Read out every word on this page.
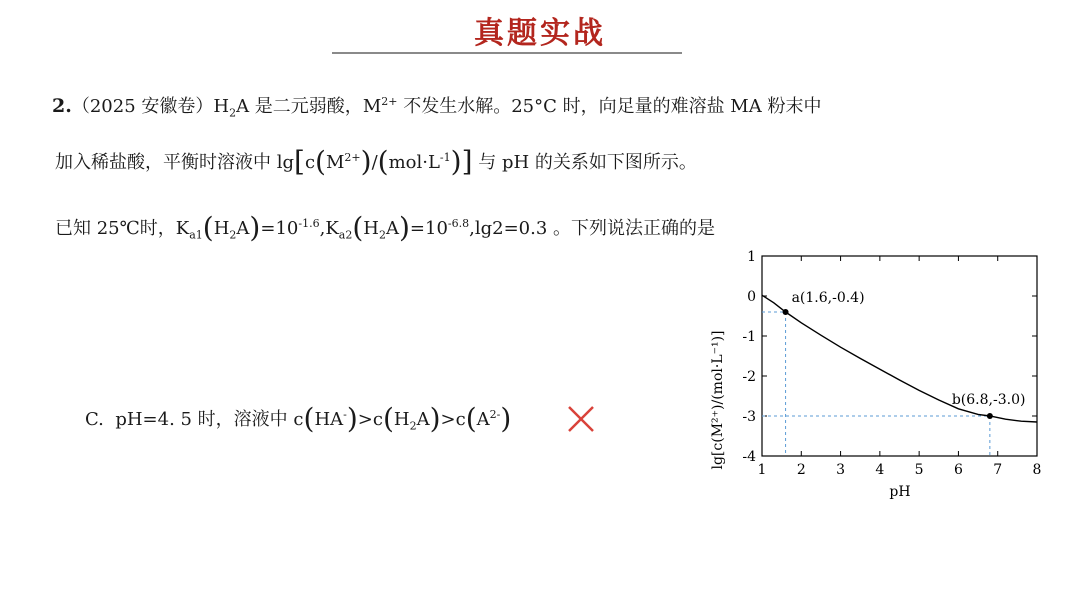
真题实战
2.（2025 安徽卷）$H_2A$ 是二元弱酸，$M^{2+}$ 不发生水解。25°C 时，向足量的难溶盐 MA 粉末中
加入稀盐酸，平衡时溶液中 $\lg[c(M^{2+})/(mol\cdot L^{-1})]$ 与 pH 的关系如下图所示。
已知 25℃时，$K_{a1}(H_2A)=10^{-1.6},K_{a2}(H_2A)=10^{-6.8},\lg 2=0.3$ 。下列说法正确的是
C. pH=4. 5 时，溶液中 $c(HA^-)>c(H_2A)>c(A^{2-})$	lg[c(M²⁺)/(mol·L⁻¹)]
pH
1 2 3 4 5 6 7 8
1
0
-1
-2
-3
-4
a(1.6,-0.4)
b(6.8,-3.0)
